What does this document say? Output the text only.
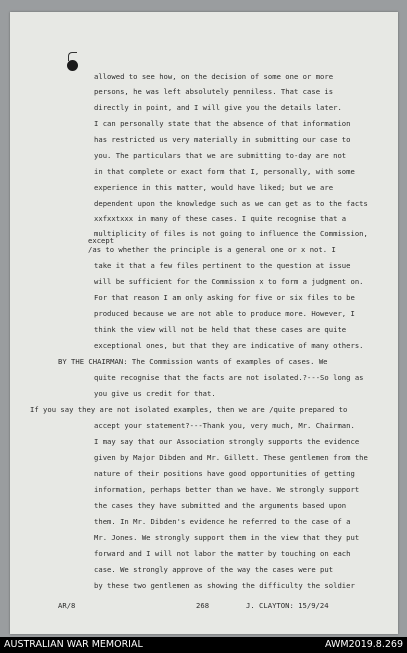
allowed to see how, on the decision of some one or more
persons, he was left absolutely penniless. That case is
directly in point, and I will give you the details later.
I can personally state that the absence of that information
has restricted us very materially in submitting our case to
you. The particulars that we are submitting to-day are not
in that complete or exact form that I, personally, with some
experience in this matter, would have liked; but we are
dependent upon the knowledge such as we can get as to the facts
xxfxxtxxx in many of these cases. I quite recognise that a
multiplicity of files is not going to influence the Commission,
except
/as to whether the principle is a general one or x not. I
take it that a few files pertinent to the question at issue
will be sufficient for the Commission x to form a judgment on.
For that reason I am only asking for five or six files to be
produced because we are not able to produce more. However, I
think the view will not be held that these cases are quite
exceptional ones, but that they are indicative of many others.
BY THE CHAIRMAN: The Commission wants of examples of cases. We
quite recognise that the facts are not isolated.?---So long as
you give us credit for that.
If you say they are not isolated examples, then we are /quite prepared to
accept your statement?---Thank you, very much, Mr. Chairman.
I may say that our Association strongly supports the evidence
given by Major Dibden and Mr. Gillett. These gentlemen from the
nature of their positions have good opportunities of getting
information, perhaps better than we have. We strongly support
the cases they have submitted and the arguments based upon
them. In Mr. Dibden's evidence he referred to the case of a
Mr. Jones. We strongly support them in the view that they put
forward and I will not labor the matter by touching on each
case. We strongly approve of the way the cases were put
by these two gentlemen as showing the difficulty the soldier
AR/8	268	J. CLAYTON: 15/9/24
AUSTRALIAN WAR MEMORIAL	AWM2019.8.269
